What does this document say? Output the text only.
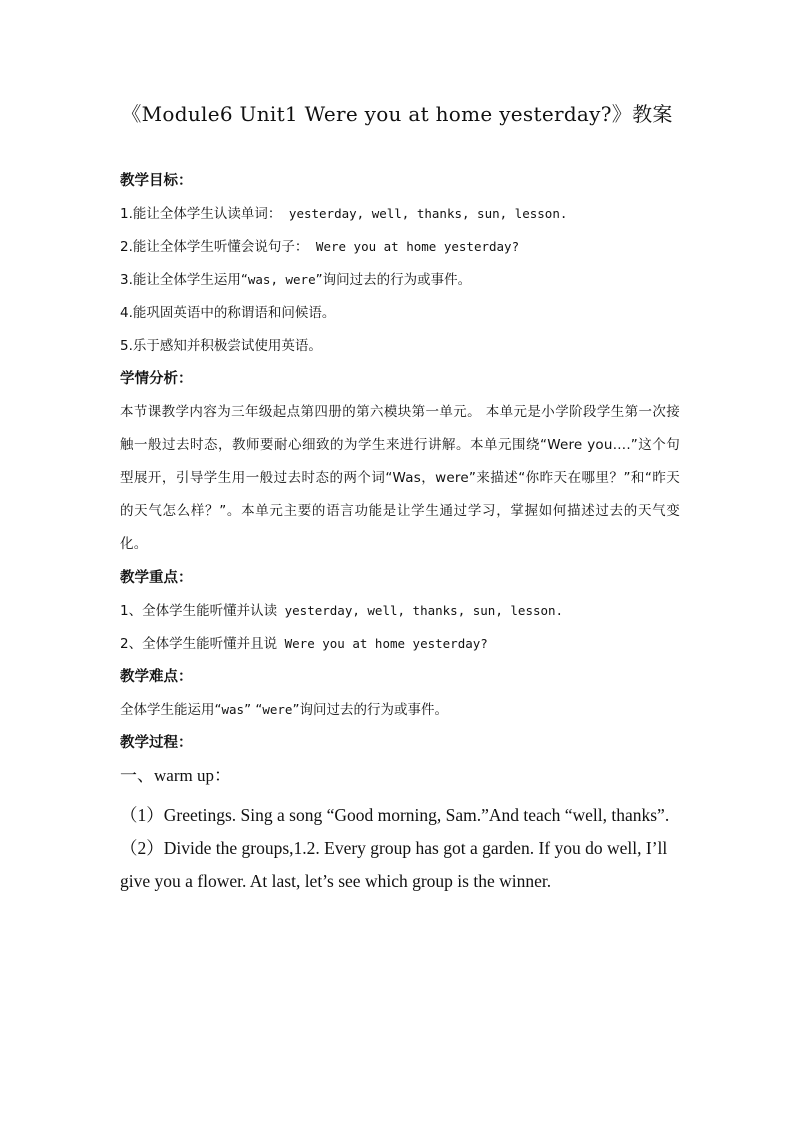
《Module6 Unit1 Were you at home yesterday?》教案

教学目标：

1.能让全体学生认读单词： yesterday, well, thanks, sun, lesson.

2.能让全体学生听懂会说句子： Were you at home yesterday?

3.能让全体学生运用“was, were”询问过去的行为或事件。

4.能巩固英语中的称谓语和问候语。

5.乐于感知并积极尝试使用英语。

学情分析：

本节课教学内容为三年级起点第四册的第六模块第一单元。 本单元是小学阶段学生第一次接触一般过去时态，教师要耐心细致的为学生来进行讲解。本单元围绕“Were you….”这个句型展开，引导学生用一般过去时态的两个词“Was，were”来描述“你昨天在哪里？”和“昨天的天气怎么样？”。本单元主要的语言功能是让学生通过学习，掌握如何描述过去的天气变化。

教学重点：

1、全体学生能听懂并认读 yesterday, well, thanks, sun, lesson.

2、全体学生能听懂并且说 Were you at home yesterday?

教学难点：

全体学生能运用“was” “were”询问过去的行为或事件。

教学过程：

一、warm up：

（1）Greetings. Sing a song “Good morning, Sam.”And teach “well, thanks”.

（2）Divide the groups,1.2. Every group has got a garden. If you do well, I’ll give you a flower. At last, let’s see which group is the winner.
